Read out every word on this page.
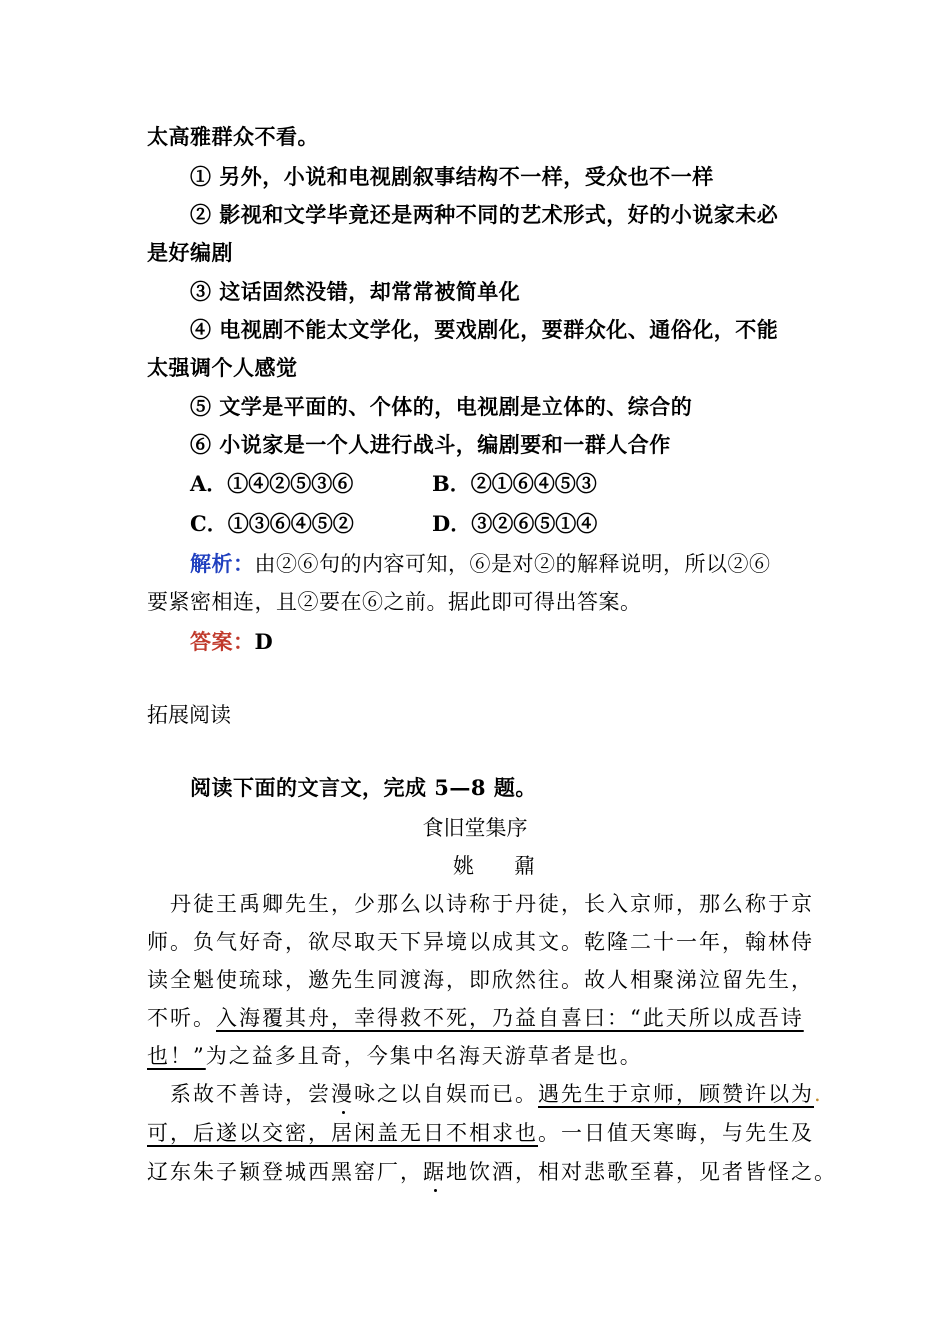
太高雅群众不看。
① 另外，小说和电视剧叙事结构不一样，受众也不一样
② 影视和文学毕竟还是两种不同的艺术形式，好的小说家未必
是好编剧
③ 这话固然没错，却常常被简单化
④ 电视剧不能太文学化，要戏剧化，要群众化、通俗化，不能
太强调个人感觉
⑤ 文学是平面的、个体的，电视剧是立体的、综合的
⑥ 小说家是一个人进行战斗，编剧要和一群人合作
A．①④②⑤③⑥	B．②①⑥④⑤③
C．①③⑥④⑤②	D．③②⑥⑤①④
解析：由②⑥句的内容可知，⑥是对②的解释说明，所以②⑥
要紧密相连，且②要在⑥之前。据此即可得出答案。
答案：D
拓展阅读
阅读下面的文言文，完成 5—8 题。
食旧堂集序
姚鼐
丹徒王禹卿先生，少那么以诗称于丹徒，长入京师，那么称于京
师。负气好奇，欲尽取天下异境以成其文。乾隆二十一年，翰林侍
读全魁使琉球，邀先生同渡海，即欣然往。故人相聚涕泣留先生，
不听。入海覆其舟，幸得救不死，乃益自喜曰：“此天所以成吾诗
也！”为之益多且奇，今集中名海天游草者是也。
系故不善诗，尝漫咏之以自娱而已。遇先生于京师，顾赞许以为.
可，后遂以交密，居闲盖无日不相求也。一日值天寒晦，与先生及
辽东朱子颖登城西黑窑厂，踞地饮酒，相对悲歌至暮，见者皆怪之。
